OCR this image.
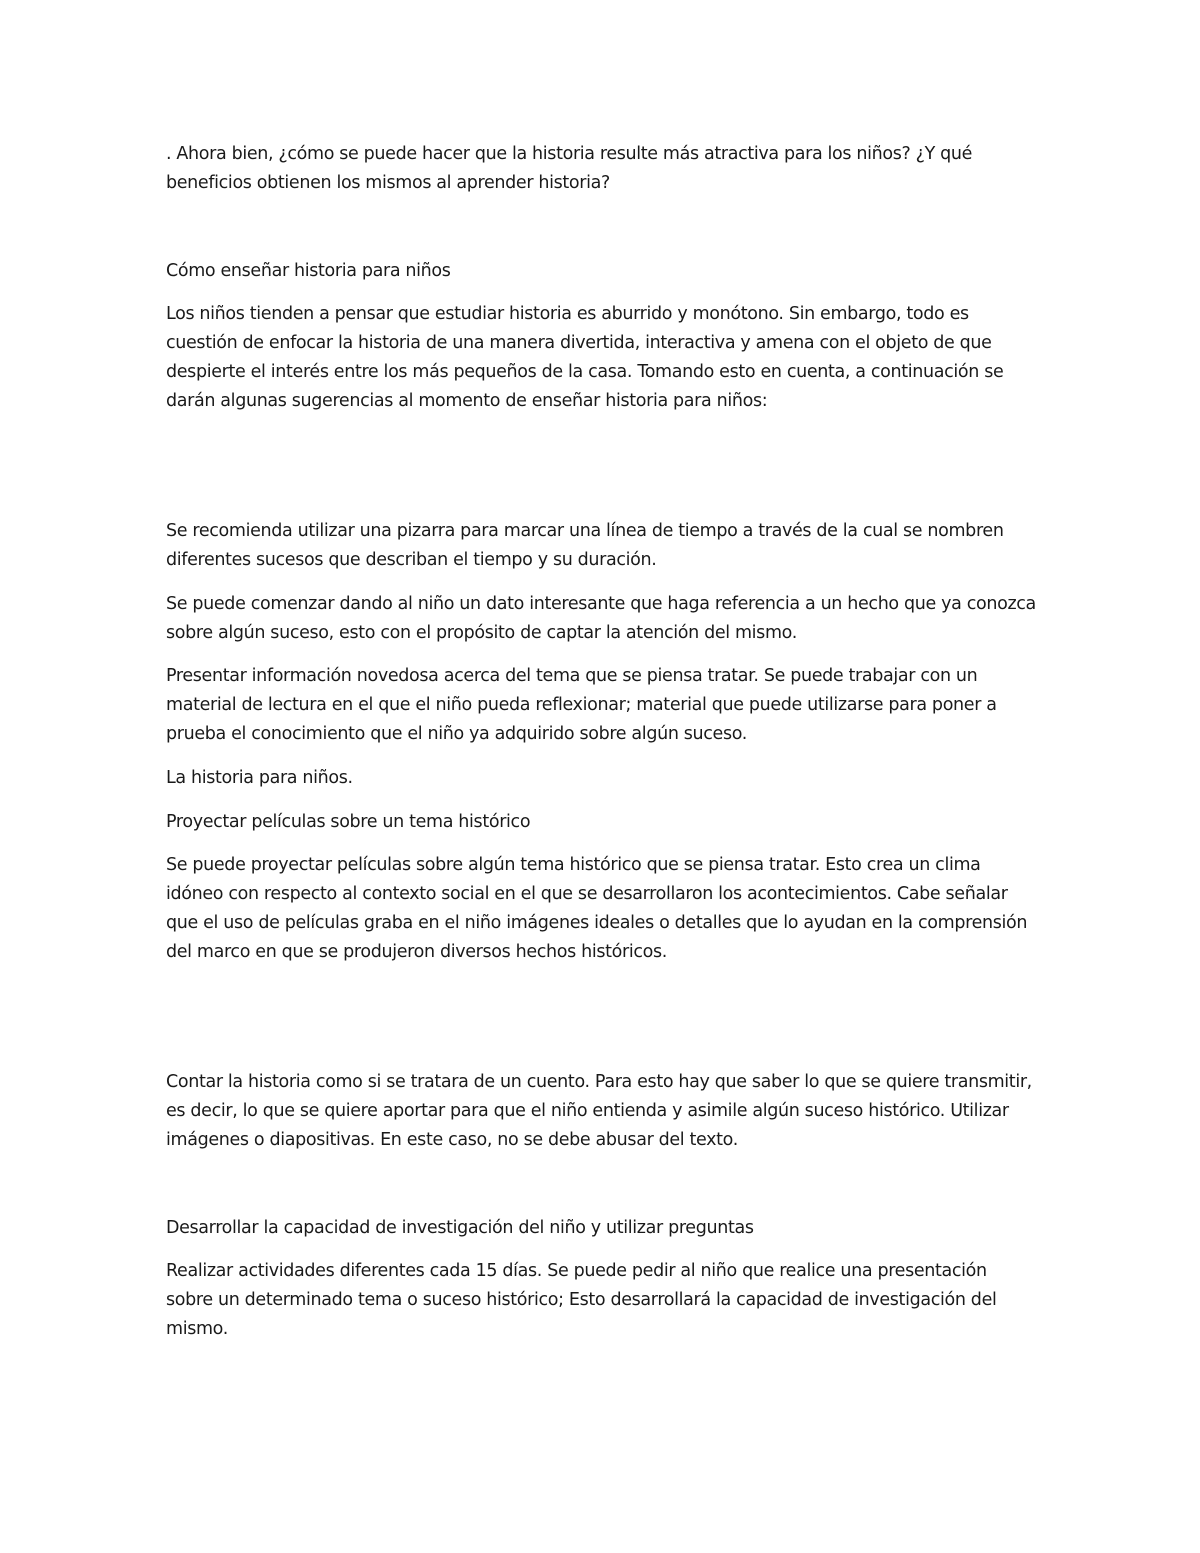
. Ahora bien, ¿cómo se puede hacer que la historia resulte más atractiva para los niños? ¿Y qué beneficios obtienen los mismos al aprender historia?

Cómo enseñar historia para niños

Los niños tienden a pensar que estudiar historia es aburrido y monótono. Sin embargo, todo es cuestión de enfocar la historia de una manera divertida, interactiva y amena con el objeto de que despierte el interés entre los más pequeños de la casa. Tomando esto en cuenta, a continuación se darán algunas sugerencias al momento de enseñar historia para niños:

Se recomienda utilizar una pizarra para marcar una línea de tiempo a través de la cual se nombren diferentes sucesos que describan el tiempo y su duración.

Se puede comenzar dando al niño un dato interesante que haga referencia a un hecho que ya conozca sobre algún suceso, esto con el propósito de captar la atención del mismo.

Presentar información novedosa acerca del tema que se piensa tratar. Se puede trabajar con un material de lectura en el que el niño pueda reflexionar; material que puede utilizarse para poner a prueba el conocimiento que el niño ya adquirido sobre algún suceso.

La historia para niños.

Proyectar películas sobre un tema histórico

Se puede proyectar películas sobre algún tema histórico que se piensa tratar. Esto crea un clima idóneo con respecto al contexto social en el que se desarrollaron los acontecimientos. Cabe señalar que el uso de películas graba en el niño imágenes ideales o detalles que lo ayudan en la comprensión del marco en que se produjeron diversos hechos históricos.

Contar la historia como si se tratara de un cuento. Para esto hay que saber lo que se quiere transmitir, es decir, lo que se quiere aportar para que el niño entienda y asimile algún suceso histórico. Utilizar imágenes o diapositivas. En este caso, no se debe abusar del texto.

Desarrollar la capacidad de investigación del niño y utilizar preguntas

Realizar actividades diferentes cada 15 días. Se puede pedir al niño que realice una presentación sobre un determinado tema o suceso histórico; Esto desarrollará la capacidad de investigación del mismo.
